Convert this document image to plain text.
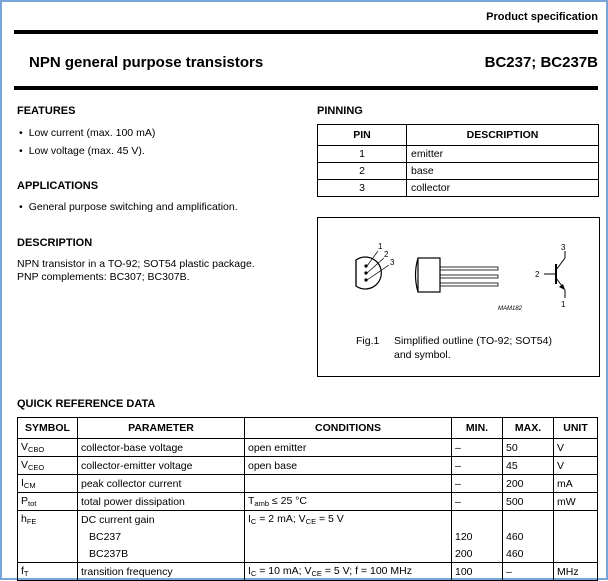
Product specification
NPN general purpose transistors	BC237; BC237B
FEATURES
• Low current (max. 100 mA)
• Low voltage (max. 45 V).
APPLICATIONS
• General purpose switching and amplification.
DESCRIPTION
NPN transistor in a TO-92; SOT54 plastic package.
PNP complements: BC307; BC307B.
PINNING
PIN	DESCRIPTION
1	emitter
2	base
3	collector
1
2
3
MAM182
3
2
1
Fig.1 Simplified outline (TO-92; SOT54)
and symbol.
QUICK REFERENCE DATA
SYMBOL	PARAMETER	CONDITIONS	MIN.	MAX.	UNIT
$V_{CBO}$	collector-base voltage	open emitter	–	50	V
$V_{CEO}$	collector-emitter voltage	open base	–	45	V
$I_{CM}$	peak collector current		–	200	mA
$P_{tot}$	total power dissipation	$T_{amb} \le 25$ °C	–	500	mW
$h_{FE}$	DC current gain	$I_C = 2$ mA; $V_{CE} = 5$ V			
	BC237		120	460	
	BC237B		200	460	
$f_T$	transition frequency	$I_C = 10$ mA; $V_{CE} = 5$ V; f = 100 MHz	100	–	MHz
